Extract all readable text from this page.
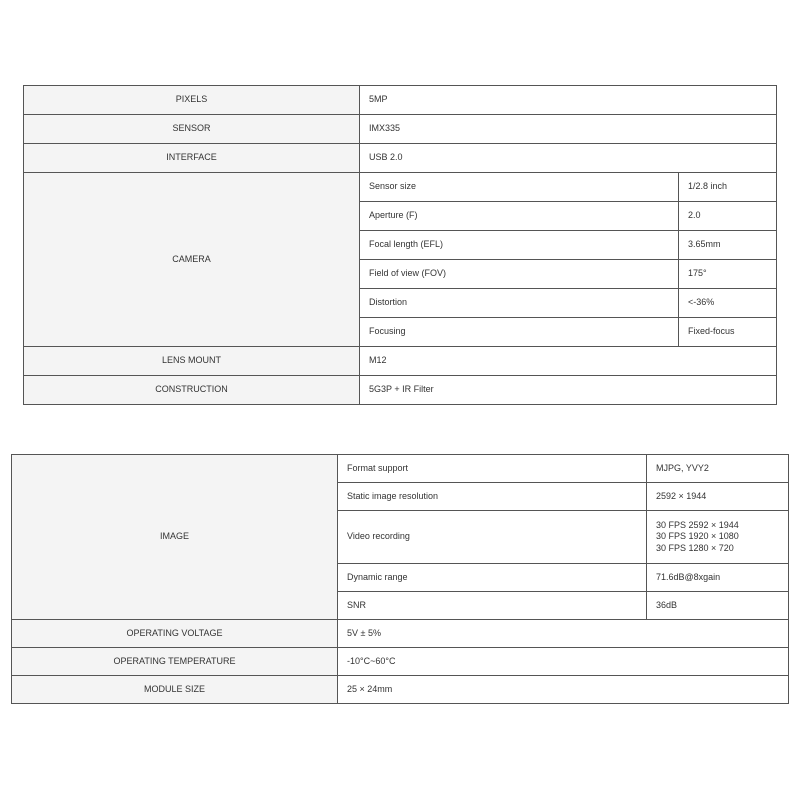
PIXELS	5MP	
SENSOR	IMX335	
INTERFACE	USB 2.0	
CAMERA	Sensor size	1/2.8 inch
	Aperture (F)	2.0
	Focal length (EFL)	3.65mm
	Field of view (FOV)	175°
	Distortion	<-36%
	Focusing	Fixed-focus
LENS MOUNT	M12	
CONSTRUCTION	5G3P + IR Filter	
IMAGE	Format support	MJPG, YVY2
	Static image resolution	2592 × 1944
	Video recording	30 FPS 2592 × 1944
30 FPS 1920 × 1080
30 FPS 1280 × 720

	Dynamic range	71.6dB@8xgain
	SNR	36dB
OPERATING VOLTAGE	5V ± 5%	
OPERATING TEMPERATURE	-10°C~60°C	
MODULE SIZE	25 × 24mm	
